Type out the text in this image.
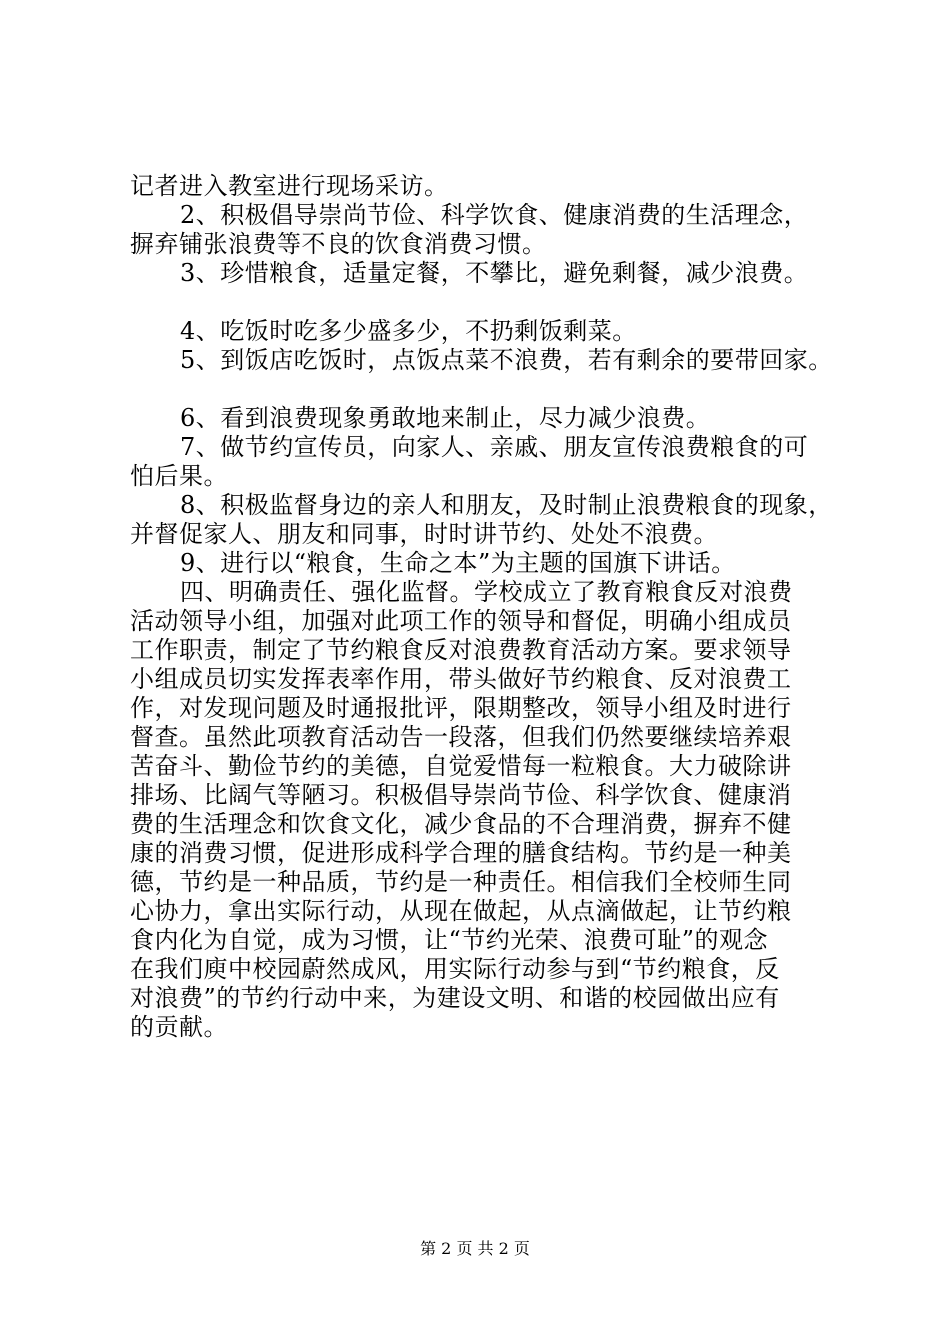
记者进入教室进行现场采访。
2、积极倡导崇尚节俭、科学饮食、健康消费的生活理念，
摒弃铺张浪费等不良的饮食消费习惯。
3、珍惜粮食，适量定餐，不攀比，避免剩餐，减少浪费。
4、吃饭时吃多少盛多少，不扔剩饭剩菜。
5、到饭店吃饭时，点饭点菜不浪费，若有剩余的要带回家。
6、看到浪费现象勇敢地来制止，尽力减少浪费。
7、做节约宣传员，向家人、亲戚、朋友宣传浪费粮食的可
怕后果。
8、积极监督身边的亲人和朋友，及时制止浪费粮食的现象，
并督促家人、朋友和同事，时时讲节约、处处不浪费。
9、进行以“粮食，生命之本”为主题的国旗下讲话。
四、明确责任、强化监督。学校成立了教育粮食反对浪费
活动领导小组，加强对此项工作的领导和督促，明确小组成员
工作职责，制定了节约粮食反对浪费教育活动方案。要求领导
小组成员切实发挥表率作用，带头做好节约粮食、反对浪费工
作，对发现问题及时通报批评，限期整改，领导小组及时进行
督查。虽然此项教育活动告一段落，但我们仍然要继续培养艰
苦奋斗、勤俭节约的美德，自觉爱惜每一粒粮食。大力破除讲
排场、比阔气等陋习。积极倡导崇尚节俭、科学饮食、健康消
费的生活理念和饮食文化，减少食品的不合理消费，摒弃不健
康的消费习惯，促进形成科学合理的膳食结构。节约是一种美
德，节约是一种品质，节约是一种责任。相信我们全校师生同
心协力，拿出实际行动，从现在做起，从点滴做起，让节约粮
食内化为自觉，成为习惯，让“节约光荣、浪费可耻”的观念
在我们庾中校园蔚然成风，用实际行动参与到“节约粮食，反
对浪费”的节约行动中来，为建设文明、和谐的校园做出应有
的贡献。
第 2 页 共 2 页
